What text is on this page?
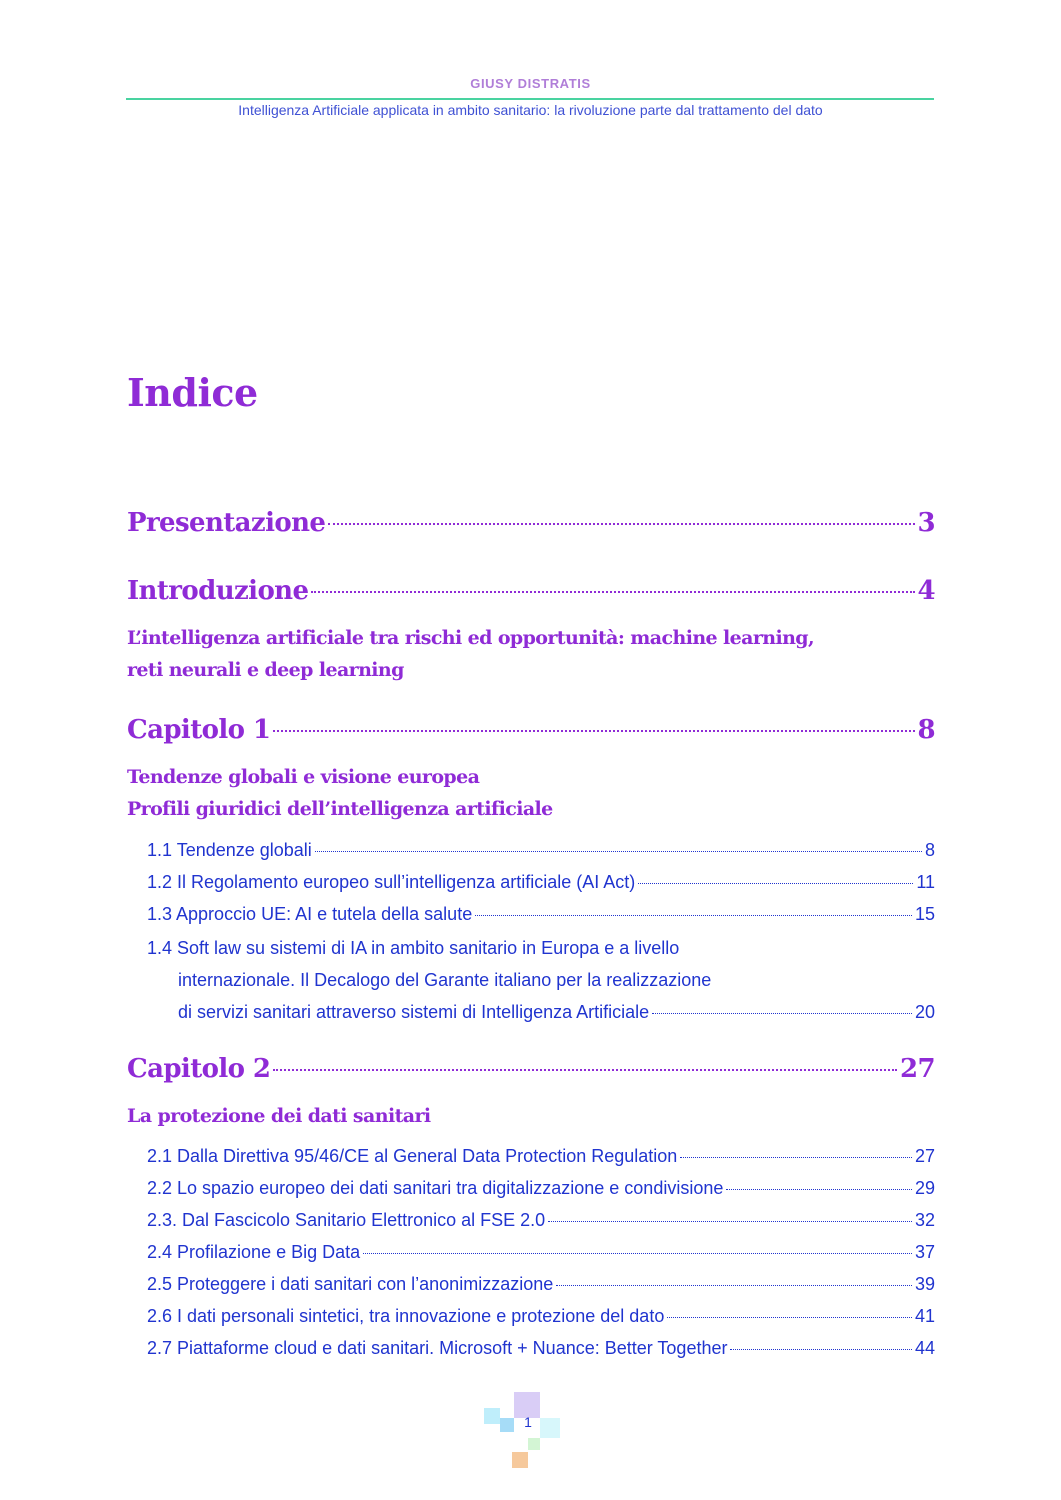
GIUSY DISTRATIS
Intelligenza Artificiale applicata in ambito sanitario: la rivoluzione parte dal trattamento del dato
Indice
Presentazione	3
Introduzione	4
L’intelligenza artificiale tra rischi ed opportunità: machine learning,
reti neurali e deep learning
Capitolo 1	8
Tendenze globali e visione europea
Profili giuridici dell’intelligenza artificiale
1.1 Tendenze globali	8
1.2 Il Regolamento europeo sull’intelligenza artificiale (AI Act)	11
1.3 Approccio UE: AI e tutela della salute	15
1.4 Soft law su sistemi di IA in ambito sanitario in Europa e a livello
internazionale. Il Decalogo del Garante italiano per la realizzazione
di servizi sanitari attraverso sistemi di Intelligenza Artificiale	20
Capitolo 2	27
La protezione dei dati sanitari
2.1 Dalla Direttiva 95/46/CE al General Data Protection Regulation	27
2.2 Lo spazio europeo dei dati sanitari tra digitalizzazione e condivisione	29
2.3. Dal Fascicolo Sanitario Elettronico al FSE 2.0	32
2.4 Profilazione e Big Data	37
2.5 Proteggere i dati sanitari con l’anonimizzazione	39
2.6 I dati personali sintetici, tra innovazione e protezione del dato	41
2.7 Piattaforme cloud e dati sanitari. Microsoft + Nuance: Better Together	44
1
